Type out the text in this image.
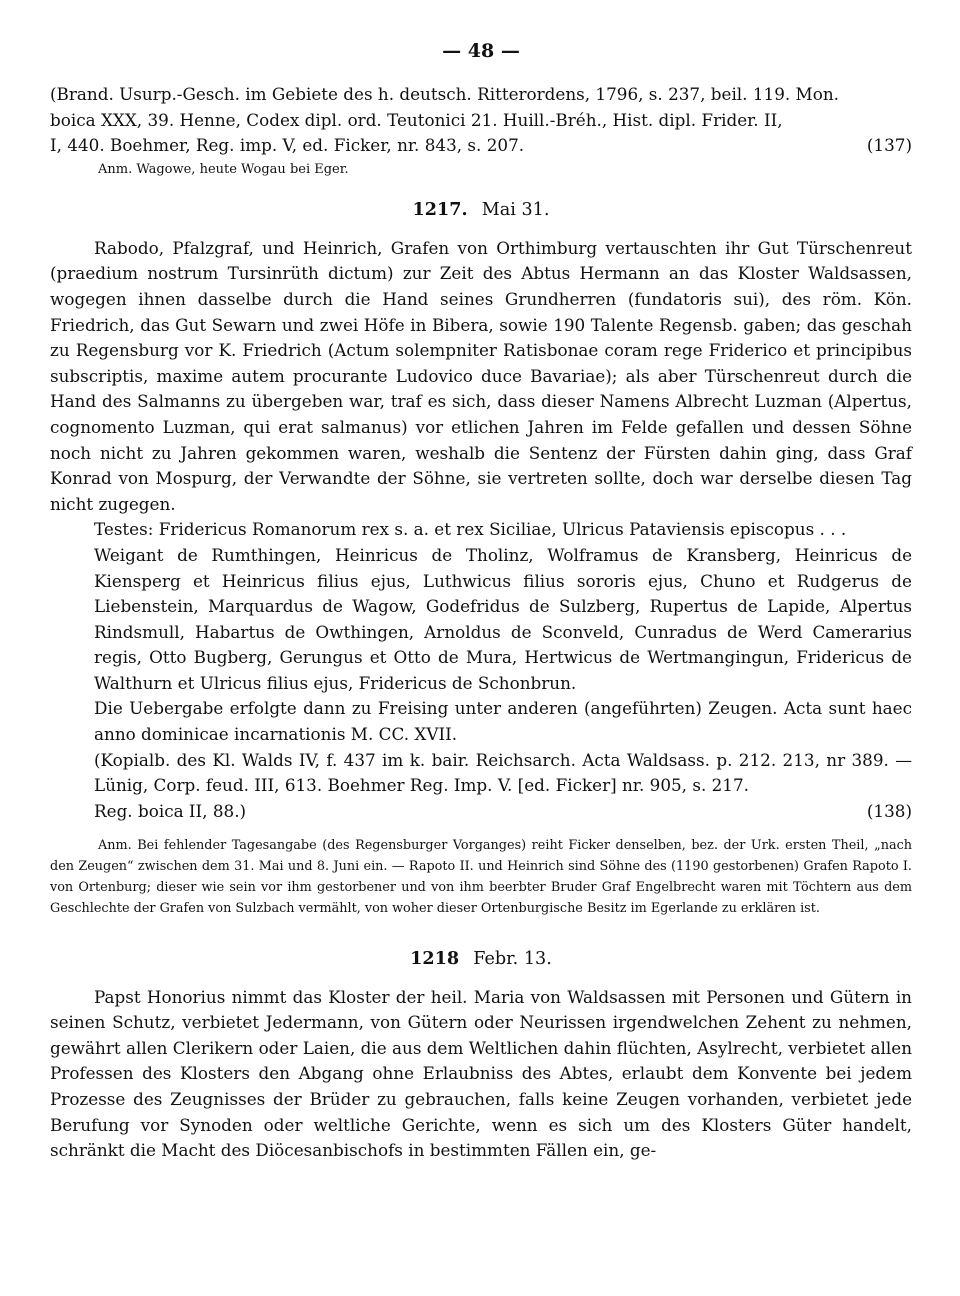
— 48 —

(Brand. Usurp.-Gesch. im Gebiete des h. deutsch. Ritterordens, 1796, s. 237, beil. 119. Mon.

boica XXX, 39. Henne, Codex dipl. ord. Teutonici 21. Huill.-Bréh., Hist. dipl. Frider. II,

I, 440. Boehmer, Reg. imp. V, ed. Ficker, nr. 843, s. 207.	(137)

Anm. Wagowe, heute Wogau bei Eger.

1217. Mai 31.

Rabodo, Pfalzgraf, und Heinrich, Grafen von Orthimburg vertauschten ihr Gut Türschenreut (praedium nostrum Tursinrüth dictum) zur Zeit des Abtus Hermann an das Kloster Waldsassen, wogegen ihnen dasselbe durch die Hand seines Grundherren (fundatoris sui), des röm. Kön. Friedrich, das Gut Sewarn und zwei Höfe in Bibera, sowie 190 Talente Regensb. gaben; das geschah zu Regensburg vor K. Friedrich (Actum solempniter Ratisbonae coram rege Friderico et principibus subscriptis, maxime autem procurante Ludovico duce Bavariae); als aber Türschenreut durch die Hand des Salmanns zu übergeben war, traf es sich, dass dieser Namens Albrecht Luzman (Alpertus, cognomento Luzman, qui erat salmanus) vor etlichen Jahren im Felde gefallen und dessen Söhne noch nicht zu Jahren gekommen waren, weshalb die Sentenz der Fürsten dahin ging, dass Graf Konrad von Mospurg, der Verwandte der Söhne, sie vertreten sollte, doch war derselbe diesen Tag nicht zugegen.

Testes: Fridericus Romanorum rex s. a. et rex Siciliae, Ulricus Pataviensis episcopus . . .

Weigant de Rumthingen, Heinricus de Tholinz, Wolframus de Kransberg, Heinricus de Kiensperg et Heinricus filius ejus, Luthwicus filius sororis ejus, Chuno et Rudgerus de Liebenstein, Marquardus de Wagow, Godefridus de Sulzberg, Rupertus de Lapide, Alpertus Rindsmull, Habartus de Owthingen, Arnoldus de Sconveld, Cunradus de Werd Camerarius regis, Otto Bugberg, Gerungus et Otto de Mura, Hertwicus de Wertmangingun, Fridericus de Walthurn et Ulricus filius ejus, Fridericus de Schonbrun.

Die Uebergabe erfolgte dann zu Freising unter anderen (angeführten) Zeugen. Acta sunt haec anno dominicae incarnationis M. CC. XVII.

(Kopialb. des Kl. Walds IV, f. 437 im k. bair. Reichsarch. Acta Waldsass. p. 212. 213, nr 389. — Lünig, Corp. feud. III, 613. Boehmer Reg. Imp. V. [ed. Ficker] nr. 905, s. 217.

Reg. boica II, 88.)	(138)

Anm. Bei fehlender Tagesangabe (des Regensburger Vorganges) reiht Ficker denselben, bez. der Urk. ersten Theil, „nach den Zeugen“ zwischen dem 31. Mai und 8. Juni ein. — Rapoto II. und Heinrich sind Söhne des (1190 gestorbenen) Grafen Rapoto I. von Ortenburg; dieser wie sein vor ihm gestorbener und von ihm beerbter Bruder Graf Engelbrecht waren mit Töchtern aus dem Geschlechte der Grafen von Sulzbach vermählt, von woher dieser Ortenburgische Besitz im Egerlande zu erklären ist.

1218 Febr. 13.

Papst Honorius nimmt das Kloster der heil. Maria von Waldsassen mit Personen und Gütern in seinen Schutz, verbietet Jedermann, von Gütern oder Neurissen irgendwelchen Zehent zu nehmen, gewährt allen Clerikern oder Laien, die aus dem Weltlichen dahin flüchten, Asylrecht, verbietet allen Professen des Klosters den Abgang ohne Erlaubniss des Abtes, erlaubt dem Konvente bei jedem Prozesse des Zeugnisses der Brüder zu gebrauchen, falls keine Zeugen vorhanden, verbietet jede Berufung vor Synoden oder weltliche Gerichte, wenn es sich um des Klosters Güter handelt, schränkt die Macht des Diöcesanbischofs in bestimmten Fällen ein, ge-
